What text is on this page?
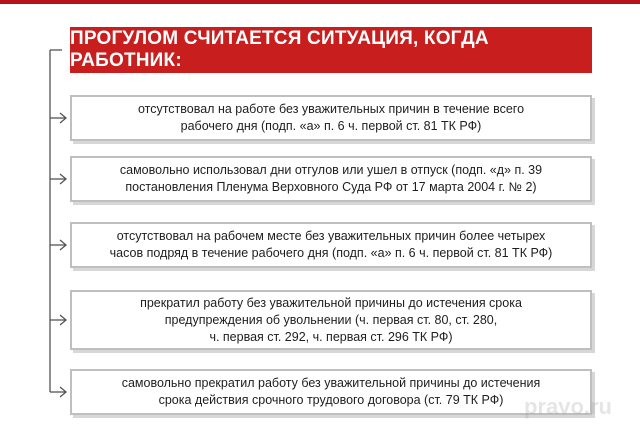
ПРОГУЛОМ СЧИТАЕТСЯ СИТУАЦИЯ, КОГДА РАБОТНИК:
отсутствовал на работе без уважительных причин в течение всего
рабочего дня (подп. «а» п. 6 ч. первой ст. 81 ТК РФ)
самовольно использовал дни отгулов или ушел в отпуск (подп. «д» п. 39
постановления Пленума Верховного Суда РФ от 17 марта 2004 г. № 2)
отсутствовал на рабочем месте без уважительных причин более четырех
часов подряд в течение рабочего дня (подп. «а» п. 6 ч. первой ст. 81 ТК РФ)
прекратил работу без уважительной причины до истечения срока
предупреждения об увольнении (ч. первая ст. 80, ст. 280,
ч. первая ст. 292, ч. первая ст. 296 ТК РФ)
самовольно прекратил работу без уважительной причины до истечения
срока действия срочного трудового договора (ст. 79 ТК РФ) pravo.ru
